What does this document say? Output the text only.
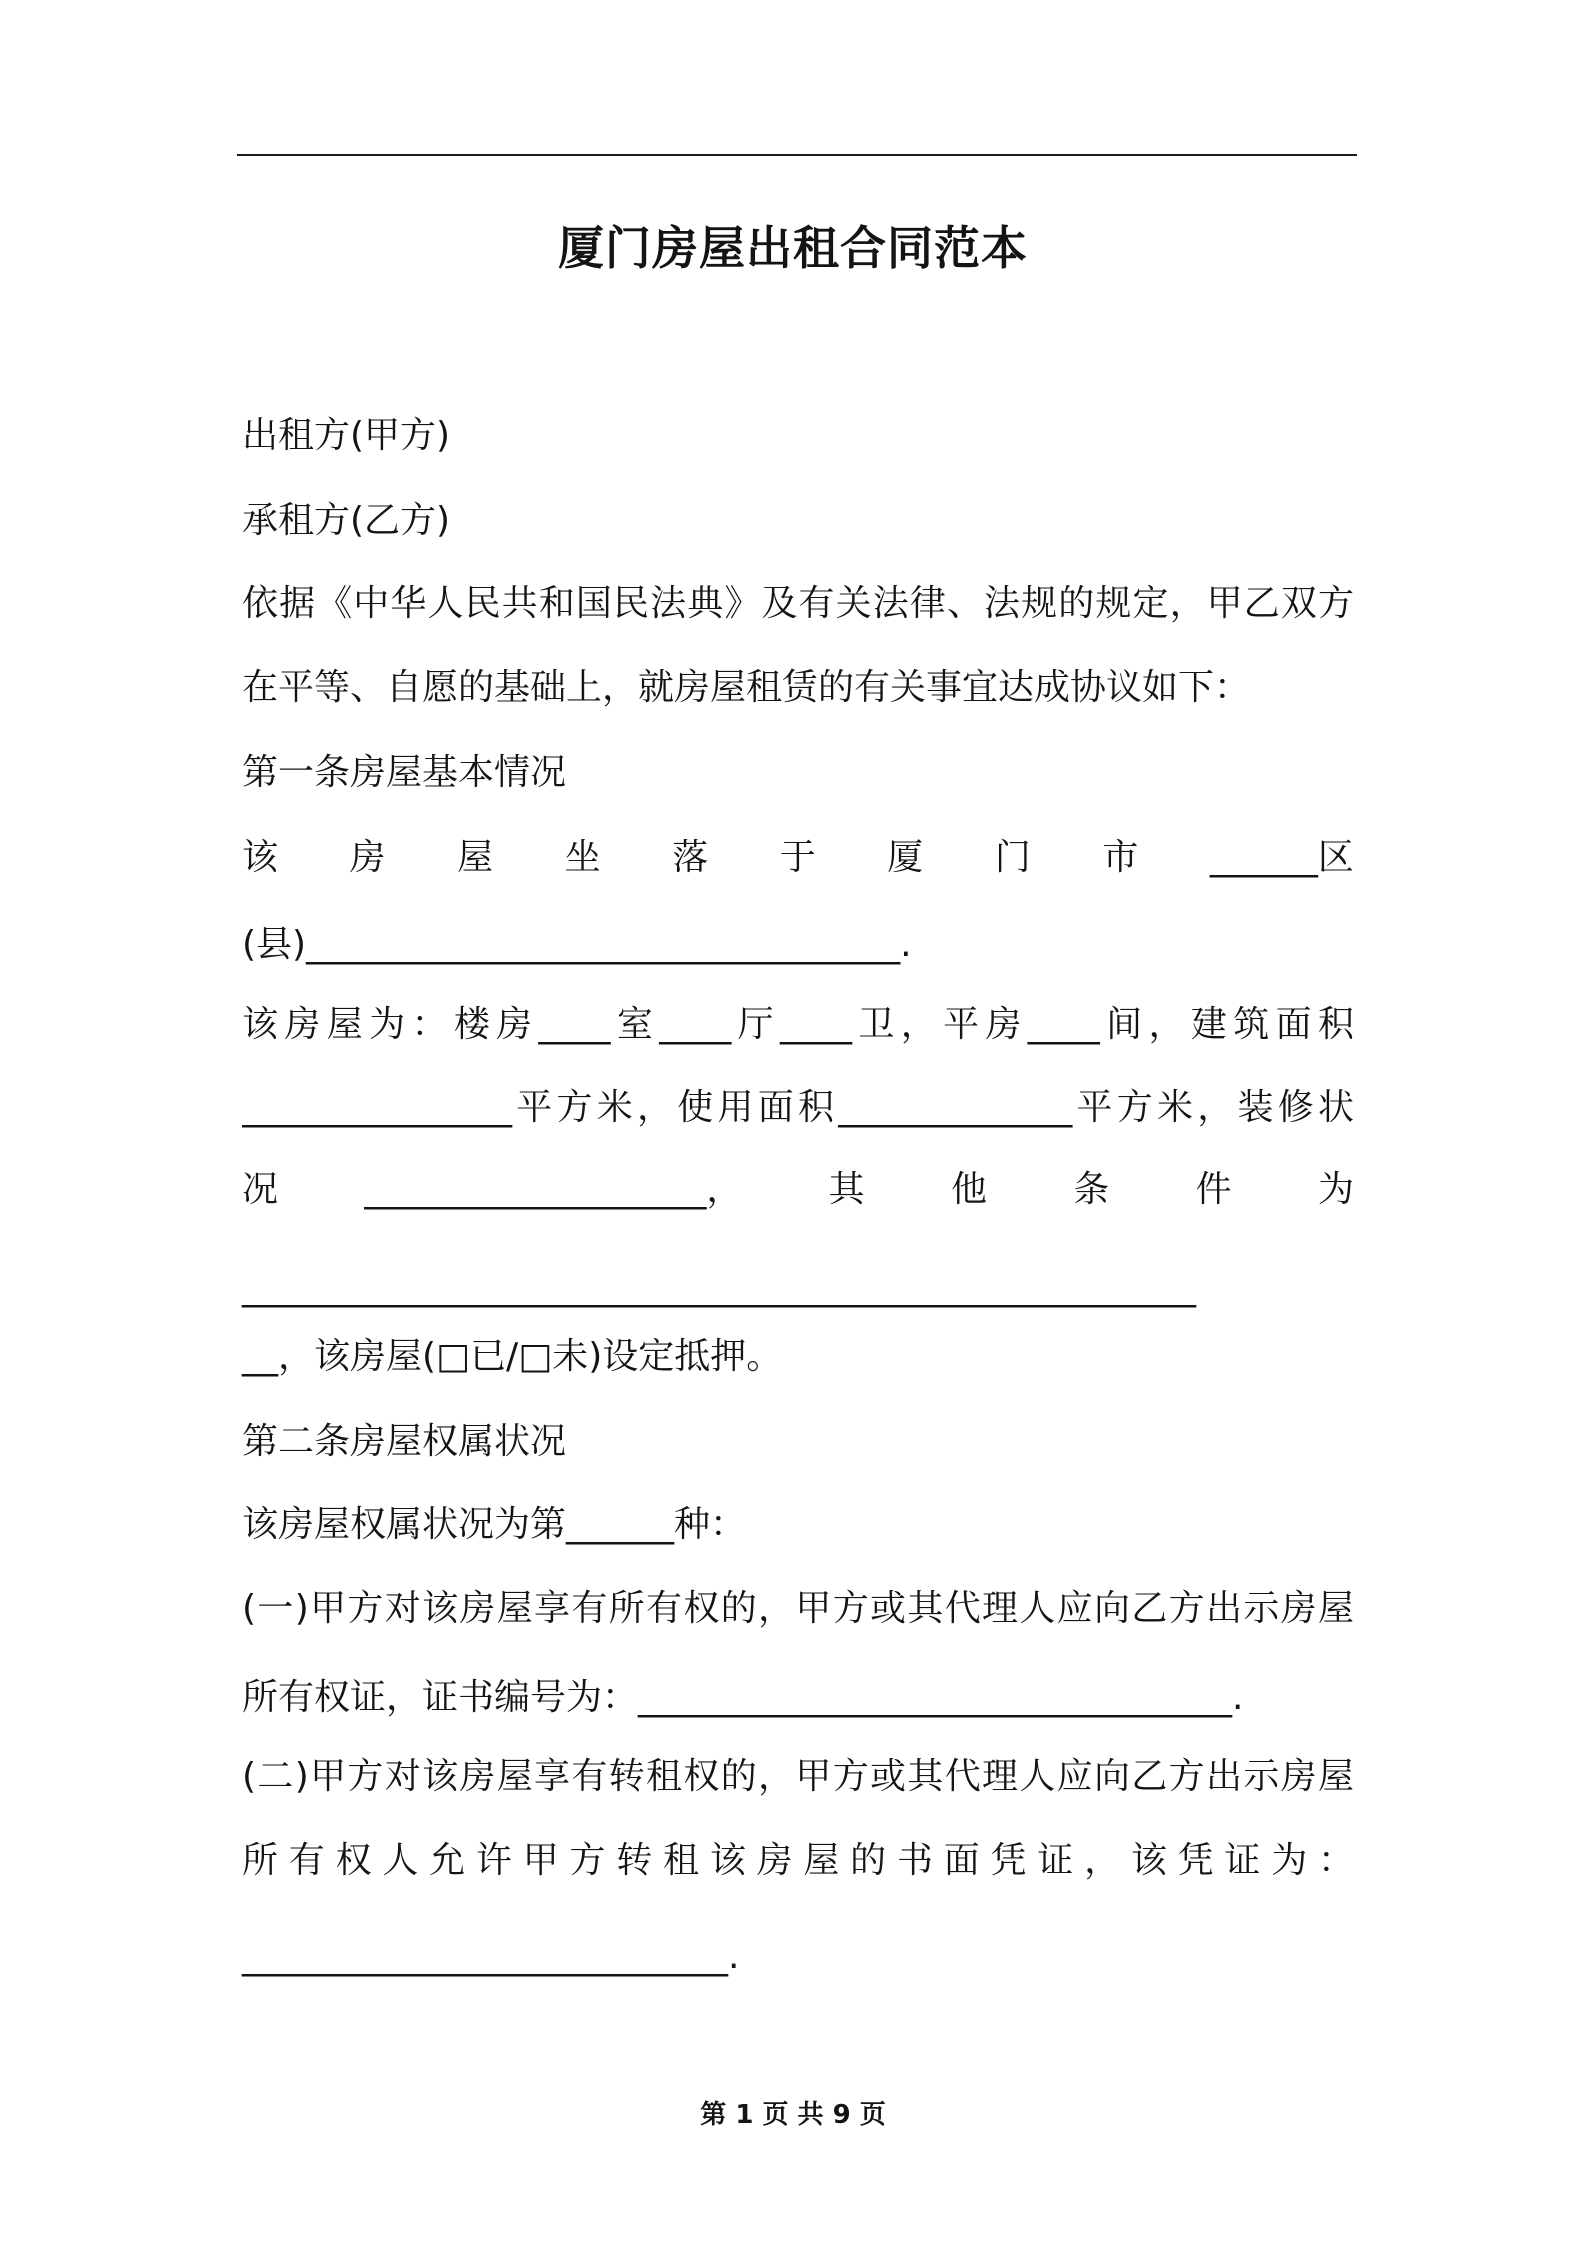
厦门房屋出租合同范本
出租方(甲方)
承租方(乙方)
依据《中华人民共和国民法典》及有关法律、法规的规定，甲乙双方
在平等、自愿的基础上，就房屋租赁的有关事宜达成协议如下：
第一条房屋基本情况
该 房 屋 坐 落 于 厦 门 市 ______区
(县)_________________________________.
该房屋为：楼房____室____厅____卫，平房____间，建筑面积
_______________平方米，使用面积_____________平方米，装修状
况 ___________________， 其 他 条 件 为
_____________________________________________________
__，该房屋(□已/□未)设定抵押。
第二条房屋权属状况
该房屋权属状况为第______种：
(一)甲方对该房屋享有所有权的，甲方或其代理人应向乙方出示房屋
所有权证，证书编号为：_________________________________.
(二)甲方对该房屋享有转租权的，甲方或其代理人应向乙方出示房屋
所有权人允许甲方转租该房屋的书面凭证，该凭证为：
___________________________.
第 1 页 共 9 页
